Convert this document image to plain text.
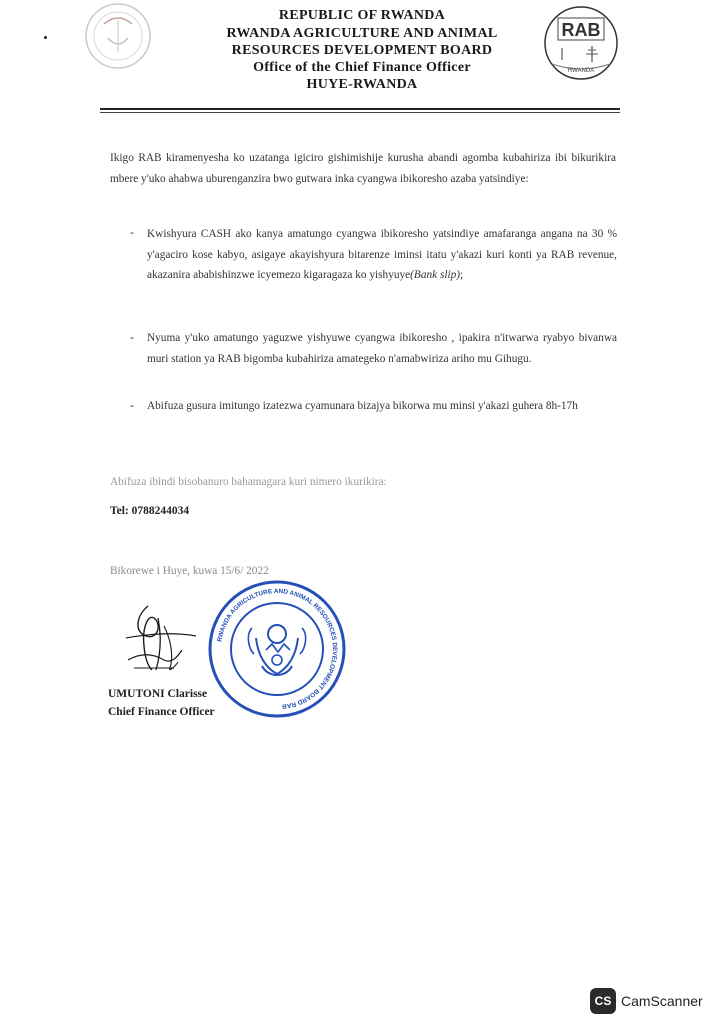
REPUBLIC OF RWANDA
RWANDA AGRICULTURE AND ANIMAL
RESOURCES DEVELOPMENT BOARD
Office of the Chief Finance Officer
HUYE-RWANDA
RAB
RWANDA
Ikigo RAB kiramenyesha ko uzatanga igiciro gishimishije kurusha abandi agomba kubahiriza ibi bikurikira mbere y'uko ahabwa uburenganzira bwo gutwara inka cyangwa ibikoresho azaba yatsindiye:
- Kwishyura CASH ako kanya amatungo cyangwa ibikoresho yatsindiye amafaranga angana na 30 % y'agaciro kose kabyo, asigaye akayishyura bitarenze iminsi itatu y'akazi kuri konti ya RAB revenue, akazanira ababishinzwe icyemezo kigaragaza ko yishyuye(Bank slip);
- Nyuma y'uko amatungo yaguzwe yishyuwe cyangwa ibikoresho , ipakira n'itwarwa ryabyo bivanwa muri station ya RAB bigomba kubahiriza amategeko n'amabwiriza ariho mu Gihugu.
- Abifuza gusura imitungo izatezwa cyamunara bizajya bikorwa mu minsi y'akazi guhera 8h-17h
Abifuza ibindi bisobanuro bahamagara kuri nimero ikurikira:
Tel: 0788244034
Bikorewe i Huye, kuwa 15/6/ 2022
RWANDA AGRICULTURE AND ANIMAL RESOURCES DEVELOPMENT BOARD RAB
UMUTONI Clarisse
Chief Finance Officer
CS CamScanner
